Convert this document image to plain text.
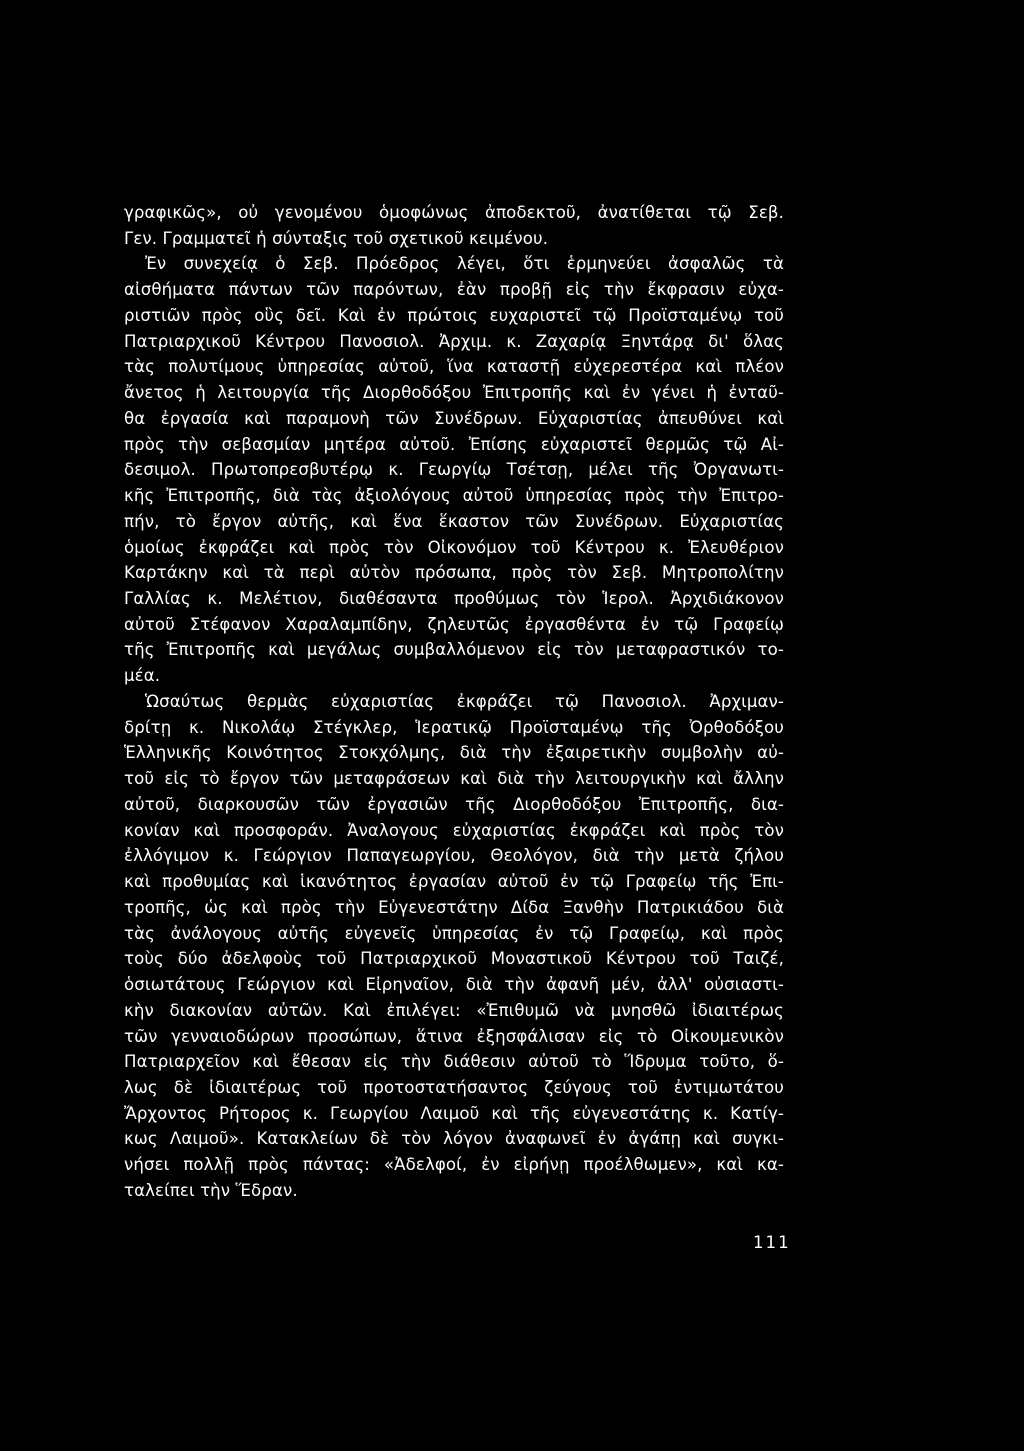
γραφικῶς», οὐ γενομένου ὁμοφώνως ἀποδεκτοῦ, ἀνατίθεται τῷ Σεβ.
Γεν. Γραμματεῖ ἡ σύνταξις τοῦ σχετικοῦ κειμένου.
Ἐν συνεχείᾳ ὁ Σεβ. Πρόεδρος λέγει, ὅτι ἑρμηνεύει ἀσφαλῶς τὰ
αἰσθήματα πάντων τῶν παρόντων, ἐὰν προβῇ εἰς τὴν ἔκφρασιν εὐχα-
ριστιῶν πρὸς οὓς δεῖ. Καὶ ἐν πρώτοις ευχαριστεῖ τῷ Προϊσταμένῳ τοῦ
Πατριαρχικοῦ Κέντρου Πανοσιολ. Ἀρχιμ. κ. Ζαχαρίᾳ Ξηντάρᾳ δι' ὅλας
τὰς πολυτίμους ὑπηρεσίας αὐτοῦ, ἵνα καταστῇ εὐχερεστέρα καὶ πλέον
ἄνετος ἡ λειτουργία τῆς Διορθοδόξου Ἐπιτροπῆς καὶ ἐν γένει ἡ ἐνταῦ-
θα ἐργασία καὶ παραμονὴ τῶν Συνέδρων. Εὐχαριστίας ἀπευθύνει καὶ
πρὸς τὴν σεβασμίαν μητέρα αὐτοῦ. Ἐπίσης εὐχαριστεῖ θερμῶς τῷ Αἰ-
δεσιμολ. Πρωτοπρεσβυτέρῳ κ. Γεωργίῳ Τσέτσῃ, μέλει τῆς Ὀργανωτι-
κῆς Ἐπιτροπῆς, διὰ τὰς ἀξιολόγους αὐτοῦ ὑπηρεσίας πρὸς τὴν Ἐπιτρο-
πήν, τὸ ἔργον αὐτῆς, καὶ ἕνα ἕκαστον τῶν Συνέδρων. Εὐχαριστίας
ὁμοίως ἐκφράζει καὶ πρὸς τὸν Οἰκονόμον τοῦ Κέντρου κ. Ἐλευθέριον
Καρτάκην καὶ τὰ περὶ αὐτὸν πρόσωπα, πρὸς τὸν Σεβ. Μητροπολίτην
Γαλλίας κ. Μελέτιον, διαθέσαντα προθύμως τὸν Ἱερολ. Ἀρχιδιάκονον
αὐτοῦ Στέφανον Χαραλαμπίδην, ζηλευτῶς ἐργασθέντα ἐν τῷ Γραφείῳ
τῆς Ἐπιτροπῆς καὶ μεγάλως συμβαλλόμενον εἰς τὸν μεταφραστικόν το-
μέα.
Ὡσαύτως θερμὰς εὐχαριστίας ἐκφράζει τῷ Πανοσιολ. Ἀρχιμαν-
δρίτῃ κ. Νικολάῳ Στέγκλερ, Ἱερατικῷ Προϊσταμένῳ τῆς Ὀρθοδόξου
Ἑλληνικῆς Κοινότητος Στοκχόλμης, διὰ τὴν ἐξαιρετικὴν συμβολὴν αὐ-
τοῦ εἰς τὸ ἔργον τῶν μεταφράσεων καὶ διὰ τὴν λειτουργικὴν καὶ ἄλλην
αὐτοῦ, διαρκουσῶν τῶν ἐργασιῶν τῆς Διορθοδόξου Ἐπιτροπῆς, δια-
κονίαν καὶ προσφοράν. Ἀναλογους εὐχαριστίας ἐκφράζει καὶ πρὸς τὸν
ἐλλόγιμον κ. Γεώργιον Παπαγεωργίου, Θεολόγον, διὰ τὴν μετὰ ζήλου
καὶ προθυμίας καὶ ἱκανότητος ἐργασίαν αὐτοῦ ἐν τῷ Γραφείῳ τῆς Ἐπι-
τροπῆς, ὡς καὶ πρὸς τὴν Εὐγενεστάτην Δίδα Ξανθὴν Πατρικιάδου διὰ
τὰς ἀνάλογους αὐτῆς εὐγενεῖς ὑπηρεσίας ἐν τῷ Γραφείῳ, καὶ πρὸς
τοὺς δύο ἀδελφοὺς τοῦ Πατριαρχικοῦ Μοναστικοῦ Κέντρου τοῦ Ταιζέ,
ὁσιωτάτους Γεώργιον καὶ Εἰρηναῖον, διὰ τὴν ἀφανῆ μέν, ἀλλ' οὐσιαστι-
κὴν διακονίαν αὐτῶν. Καὶ ἐπιλέγει: «Ἐπιθυμῶ νὰ μνησθῶ ἰδιαιτέρως
τῶν γενναιοδώρων προσώπων, ἅτινα ἐξησφάλισαν εἰς τὸ Οἰκουμενικὸν
Πατριαρχεῖον καὶ ἔθεσαν εἰς τὴν διάθεσιν αὐτοῦ τὸ Ἵδρυμα τοῦτο, ὅ-
λως δὲ ἰδιαιτέρως τοῦ προτοστατήσαντος ζεύγους τοῦ ἐντιμωτάτου
Ἄρχοντος Ρήτορος κ. Γεωργίου Λαιμοῦ καὶ τῆς εὐγενεστάτης κ. Κατίγ-
κως Λαιμοῦ». Κατακλείων δὲ τὸν λόγον ἀναφωνεῖ ἐν ἀγάπῃ καὶ συγκι-
νήσει πολλῇ πρὸς πάντας: «Ἀδελφοί, ἐν εἰρήνῃ προέλθωμεν», καὶ κα-
ταλείπει τὴν Ἕδραν.
111
